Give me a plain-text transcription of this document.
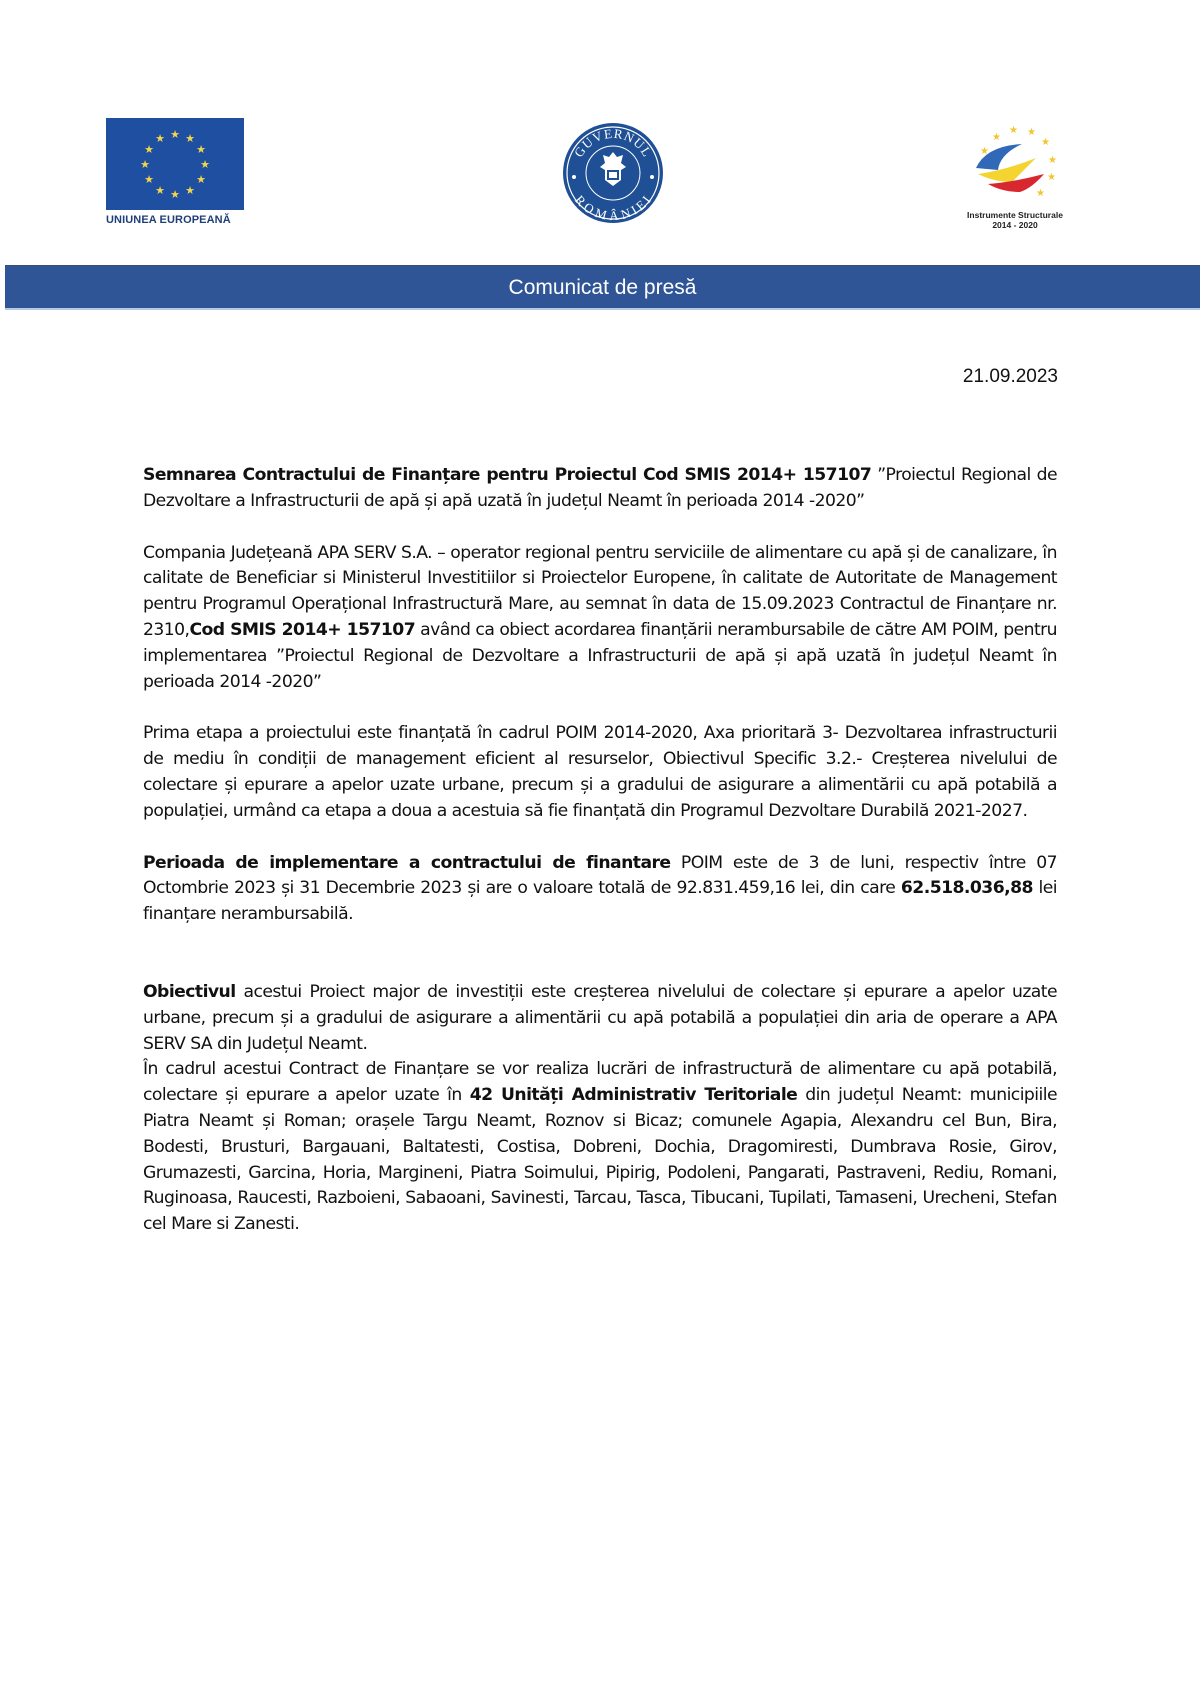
★ ★
★
★
★
★
★
★
★
★
★
★
UNIUNEA EUROPEANĂ
GUVERNUL
ROMÂNIEI
★
★
★ ★
★
★
★
★
Instrumente Structurale
2014 - 2020
Comunicat de presă
21.09.2023

Semnarea Contractului de Finanțare pentru Proiectul Cod SMIS 2014+ 157107 ”Proiectul Regional de Dezvoltare a Infrastructurii de apă și apă uzată în județul Neamt în perioada 2014 -2020”

Compania Județeană APA SERV S.A. – operator regional pentru serviciile de alimentare cu apă și de canalizare, în calitate de Beneficiar si Ministerul Investitiilor si Proiectelor Europene, în calitate de Autoritate de Management pentru Programul Operațional Infrastructură Mare, au semnat în data de 15.09.2023 Contractul de Finanțare nr. 2310,Cod SMIS 2014+ 157107 având ca obiect acordarea finanțării nerambursabile de către AM POIM, pentru implementarea ”Proiectul Regional de Dezvoltare a Infrastructurii de apă și apă uzată în județul Neamt în perioada 2014 -2020”

Prima etapa a proiectului este finanțată în cadrul POIM 2014-2020, Axa prioritară 3- Dezvoltarea infrastructurii de mediu în condiții de management eficient al resurselor, Obiectivul Specific 3.2.- Creșterea nivelului de colectare și epurare a apelor uzate urbane, precum și a gradului de asigurare a alimentării cu apă potabilă a populației, urmând ca etapa a doua a acestuia să fie finanțată din Programul Dezvoltare Durabilă 2021-2027.

Perioada de implementare a contractului de finantare POIM este de 3 de luni, respectiv între 07 Octombrie 2023 și 31 Decembrie 2023 și are o valoare totală de 92.831.459,16 lei, din care 62.518.036,88 lei finanțare nerambursabilă.

Obiectivul acestui Proiect major de investiții este creșterea nivelului de colectare și epurare a apelor uzate urbane, precum și a gradului de asigurare a alimentării cu apă potabilă a populației din aria de operare a APA SERV SA din Județul Neamt.

În cadrul acestui Contract de Finanțare se vor realiza lucrări de infrastructură de alimentare cu apă potabilă, colectare și epurare a apelor uzate în 42 Unități Administrativ Teritoriale din județul Neamt: municipiile Piatra Neamt și Roman; orașele Targu Neamt, Roznov si Bicaz; comunele Agapia, Alexandru cel Bun, Bira, Bodesti, Brusturi, Bargauani, Baltatesti, Costisa, Dobreni, Dochia, Dragomiresti, Dumbrava Rosie, Girov, Grumazesti, Garcina, Horia, Margineni, Piatra Soimului, Pipirig, Podoleni, Pangarati, Pastraveni, Rediu, Romani, Ruginoasa, Raucesti, Razboieni, Sabaoani, Savinesti, Tarcau, Tasca, Tibucani, Tupilati, Tamaseni, Urecheni, Stefan cel Mare si Zanesti.
